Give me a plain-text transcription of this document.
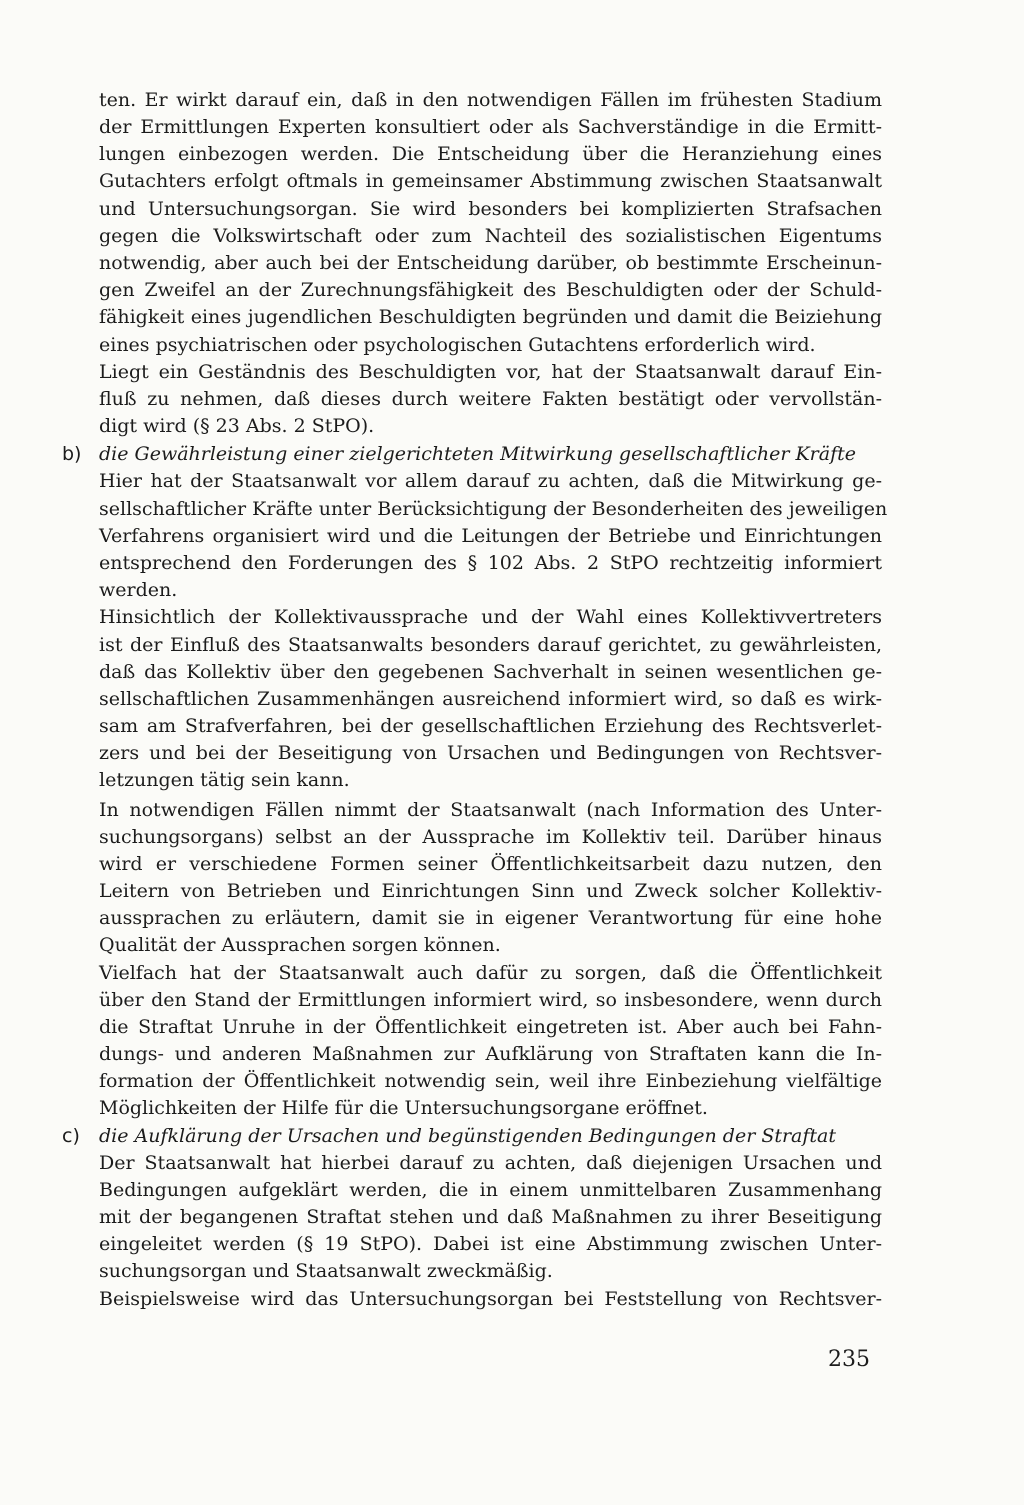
ten. Er wirkt darauf ein, daß in den notwendigen Fällen im frühesten Stadium
der Ermittlungen Experten konsultiert oder als Sachverständige in die Ermitt-
lungen einbezogen werden. Die Entscheidung über die Heranziehung eines
Gutachters erfolgt oftmals in gemeinsamer Abstimmung zwischen Staatsanwalt
und Untersuchungsorgan. Sie wird besonders bei komplizierten Strafsachen
gegen die Volkswirtschaft oder zum Nachteil des sozialistischen Eigentums
notwendig, aber auch bei der Entscheidung darüber, ob bestimmte Erscheinun-
gen Zweifel an der Zurechnungsfähigkeit des Beschuldigten oder der Schuld-
fähigkeit eines jugendlichen Beschuldigten begründen und damit die Beiziehung
eines psychiatrischen oder psychologischen Gutachtens erforderlich wird.
Liegt ein Geständnis des Beschuldigten vor, hat der Staatsanwalt darauf Ein-
fluß zu nehmen, daß dieses durch weitere Fakten bestätigt oder vervollstän-
digt wird (§ 23 Abs. 2 StPO).
b) die Gewährleistung einer zielgerichteten Mitwirkung gesellschaftlicher Kräfte
Hier hat der Staatsanwalt vor allem darauf zu achten, daß die Mitwirkung ge-
sellschaftlicher Kräfte unter Berücksichtigung der Besonderheiten des jeweiligen
Verfahrens organisiert wird und die Leitungen der Betriebe und Einrichtungen
entsprechend den Forderungen des § 102 Abs. 2 StPO rechtzeitig informiert
werden.
Hinsichtlich der Kollektivaussprache und der Wahl eines Kollektivvertreters
ist der Einfluß des Staatsanwalts besonders darauf gerichtet, zu gewährleisten,
daß das Kollektiv über den gegebenen Sachverhalt in seinen wesentlichen ge-
sellschaftlichen Zusammenhängen ausreichend informiert wird, so daß es wirk-
sam am Strafverfahren, bei der gesellschaftlichen Erziehung des Rechtsverlet-
zers und bei der Beseitigung von Ursachen und Bedingungen von Rechtsver-
letzungen tätig sein kann.
In notwendigen Fällen nimmt der Staatsanwalt (nach Information des Unter-
suchungsorgans) selbst an der Aussprache im Kollektiv teil. Darüber hinaus
wird er verschiedene Formen seiner Öffentlichkeitsarbeit dazu nutzen, den
Leitern von Betrieben und Einrichtungen Sinn und Zweck solcher Kollektiv-
aussprachen zu erläutern, damit sie in eigener Verantwortung für eine hohe
Qualität der Aussprachen sorgen können.
Vielfach hat der Staatsanwalt auch dafür zu sorgen, daß die Öffentlichkeit
über den Stand der Ermittlungen informiert wird, so insbesondere, wenn durch
die Straftat Unruhe in der Öffentlichkeit eingetreten ist. Aber auch bei Fahn-
dungs- und anderen Maßnahmen zur Aufklärung von Straftaten kann die In-
formation der Öffentlichkeit notwendig sein, weil ihre Einbeziehung vielfältige
Möglichkeiten der Hilfe für die Untersuchungsorgane eröffnet.
c) die Aufklärung der Ursachen und begünstigenden Bedingungen der Straftat
Der Staatsanwalt hat hierbei darauf zu achten, daß diejenigen Ursachen und
Bedingungen aufgeklärt werden, die in einem unmittelbaren Zusammenhang
mit der begangenen Straftat stehen und daß Maßnahmen zu ihrer Beseitigung
eingeleitet werden (§ 19 StPO). Dabei ist eine Abstimmung zwischen Unter-
suchungsorgan und Staatsanwalt zweckmäßig.
Beispielsweise wird das Untersuchungsorgan bei Feststellung von Rechtsver-
235
